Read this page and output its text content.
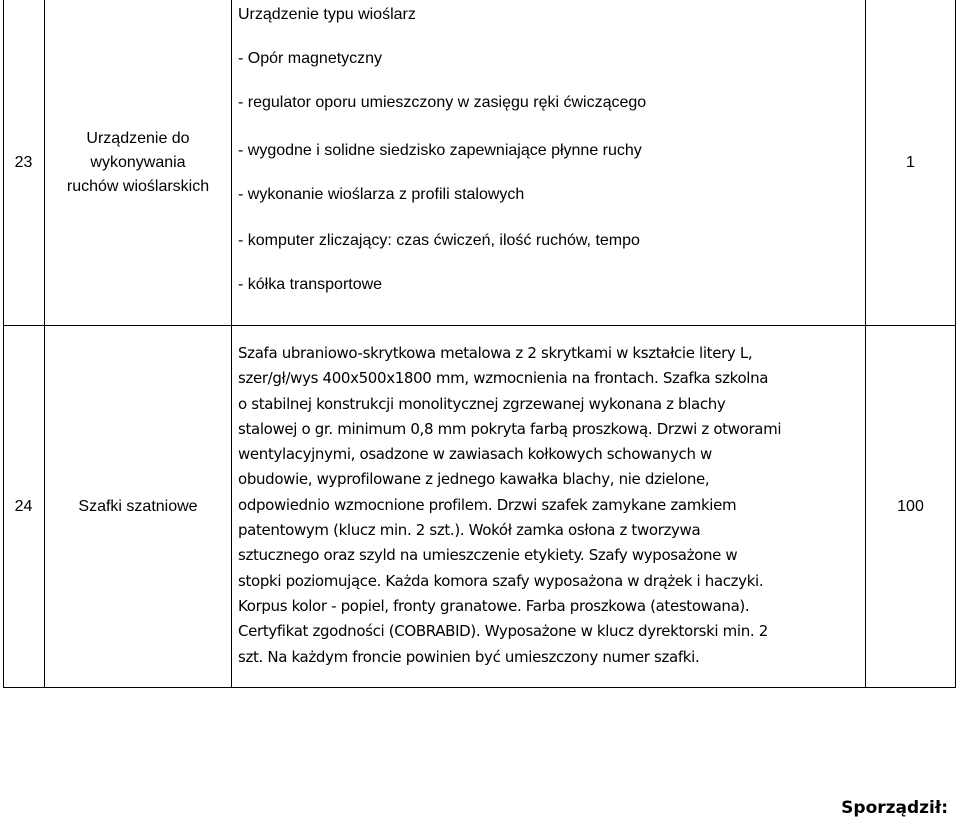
23
Urządzenie do
wykonywania
ruchów wioślarskich
Urządzenie typu wioślarz
- Opór magnetyczny
- regulator oporu umieszczony w zasięgu ręki ćwiczącego
- wygodne i solidne siedzisko zapewniające płynne ruchy
- wykonanie wioślarza z profili stalowych
- komputer zliczający: czas ćwiczeń, ilość ruchów, tempo
- kółka transportowe
1
24	Szafki szatniowe
Szafa ubraniowo-skrytkowa metalowa z 2 skrytkami w kształcie litery L,
szer/gł/wys 400x500x1800 mm, wzmocnienia na frontach. Szafka szkolna
o stabilnej konstrukcji monolitycznej zgrzewanej wykonana z blachy
stalowej o gr. minimum 0,8 mm pokryta farbą proszkową. Drzwi z otworami
wentylacyjnymi, osadzone w zawiasach kołkowych schowanych w
obudowie, wyprofilowane z jednego kawałka blachy, nie dzielone,
odpowiednio wzmocnione profilem. Drzwi szafek zamykane zamkiem
patentowym (klucz min. 2 szt.). Wokół zamka osłona z tworzywa
sztucznego oraz szyld na umieszczenie etykiety. Szafy wyposażone w
stopki poziomujące. Każda komora szafy wyposażona w drążek i haczyki.
Korpus kolor - popiel, fronty granatowe. Farba proszkowa (atestowana).
Certyfikat zgodności (COBRABID). Wyposażone w klucz dyrektorski min. 2
szt. Na każdym froncie powinien być umieszczony numer szafki.
100
Sporządził:
